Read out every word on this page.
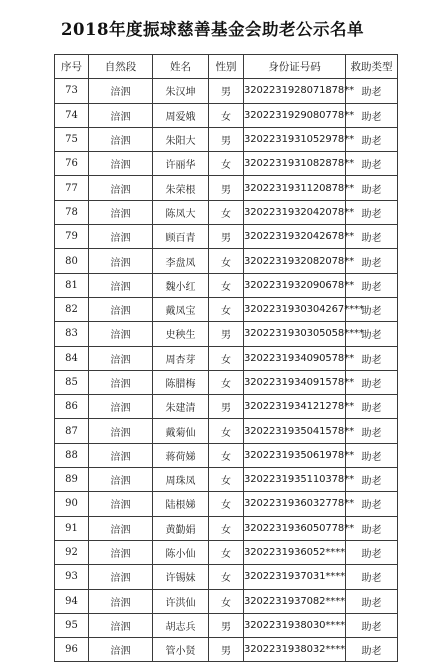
2018年度振球慈善基金会助老公示名单
序号	自然段	姓名	性别	身份证号码	救助类型
73	涪泗	朱汉坤	男	3202231928071878**	助老
74	涪泗	周爱娥	女	3202231929080778**	助老
75	涪泗	朱阳大	男	3202231931052978**	助老
76	涪泗	许丽华	女	3202231931082878**	助老
77	涪泗	朱荣根	男	3202231931120878**	助老
78	涪泗	陈凤大	女	3202231932042078**	助老
79	涪泗	顾百青	男	3202231932042678**	助老
80	涪泗	李盘凤	女	3202231932082078**	助老
81	涪泗	魏小红	女	3202231932090678**	助老
82	涪泗	戴凤宝	女	3202231930304267****	助老
83	涪泗	史秧生	男	3202231930305058****	助老
84	涪泗	周杏芽	女	3202231934090578**	助老
85	涪泗	陈腊梅	女	3202231934091578**	助老
86	涪泗	朱建清	男	3202231934121278**	助老
87	涪泗	戴菊仙	女	3202231935041578**	助老
88	涪泗	蒋荷娣	女	3202231935061978**	助老
89	涪泗	周珠凤	女	3202231935110378**	助老
90	涪泗	陆根娣	女	3202231936032778**	助老
91	涪泗	黄勤娟	女	3202231936050778**	助老
92	涪泗	陈小仙	女	3202231936052****	助老
93	涪泗	许锡妹	女	3202231937031****	助老
94	涪泗	许洪仙	女	3202231937082****	助老
95	涪泗	胡志兵	男	3202231938030****	助老
96	涪泗	管小贤	男	3202231938032****	助老
